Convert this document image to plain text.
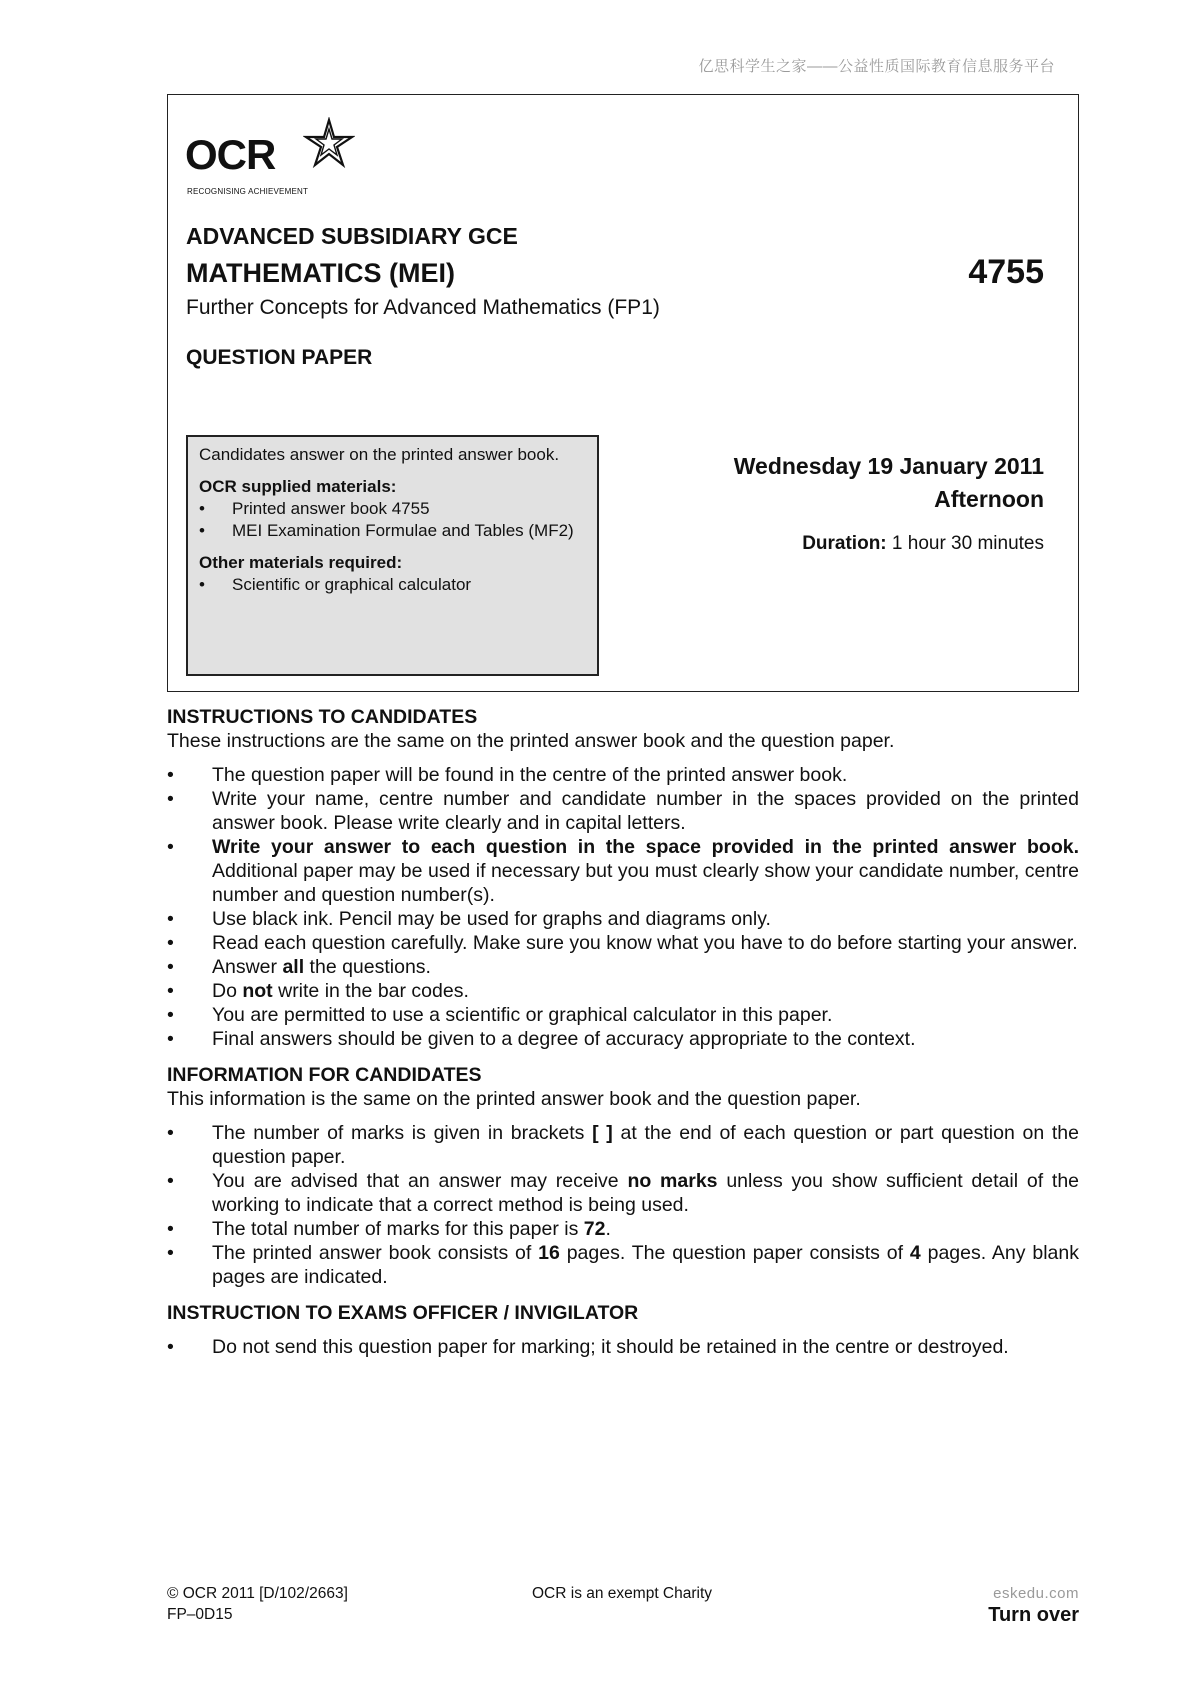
亿思科学生之家——公益性质国际教育信息服务平台
OCR
RECOGNISING ACHIEVEMENT
ADVANCED SUBSIDIARY GCE
MATHEMATICS (MEI)	4755
Further Concepts for Advanced Mathematics (FP1)
QUESTION PAPER
Candidates answer on the printed answer book.
OCR supplied materials:
•	Printed answer book 4755
•	MEI Examination Formulae and Tables (MF2)
Other materials required:
•	Scientific or graphical calculator
Wednesday 19 January 2011
Afternoon
Duration: 1 hour 30 minutes
INSTRUCTIONS TO CANDIDATES
These instructions are the same on the printed answer book and the question paper.
•	The question paper will be found in the centre of the printed answer book.
•	Write your name, centre number and candidate number in the spaces provided on the printed answer book. Please write clearly and in capital letters.
•	Write your answer to each question in the space provided in the printed answer book. Additional paper may be used if necessary but you must clearly show your candidate number, centre number and question number(s).
•	Use black ink. Pencil may be used for graphs and diagrams only.
•	Read each question carefully. Make sure you know what you have to do before starting your answer.
•	Answer all the questions.
•	Do not write in the bar codes.
•	You are permitted to use a scientific or graphical calculator in this paper.
•	Final answers should be given to a degree of accuracy appropriate to the context.
INFORMATION FOR CANDIDATES
This information is the same on the printed answer book and the question paper.
•	The number of marks is given in brackets [ ] at the end of each question or part question on the question paper.
•	You are advised that an answer may receive no marks unless you show sufficient detail of the working to indicate that a correct method is being used.
•	The total number of marks for this paper is 72.
•	The printed answer book consists of 16 pages. The question paper consists of 4 pages. Any blank pages are indicated.
INSTRUCTION TO EXAMS OFFICER / INVIGILATOR
•	Do not send this question paper for marking; it should be retained in the centre or destroyed.
© OCR 2011 [D/102/2663]
FP–0D15
OCR is an exempt Charity	eskedu.com
Turn over
